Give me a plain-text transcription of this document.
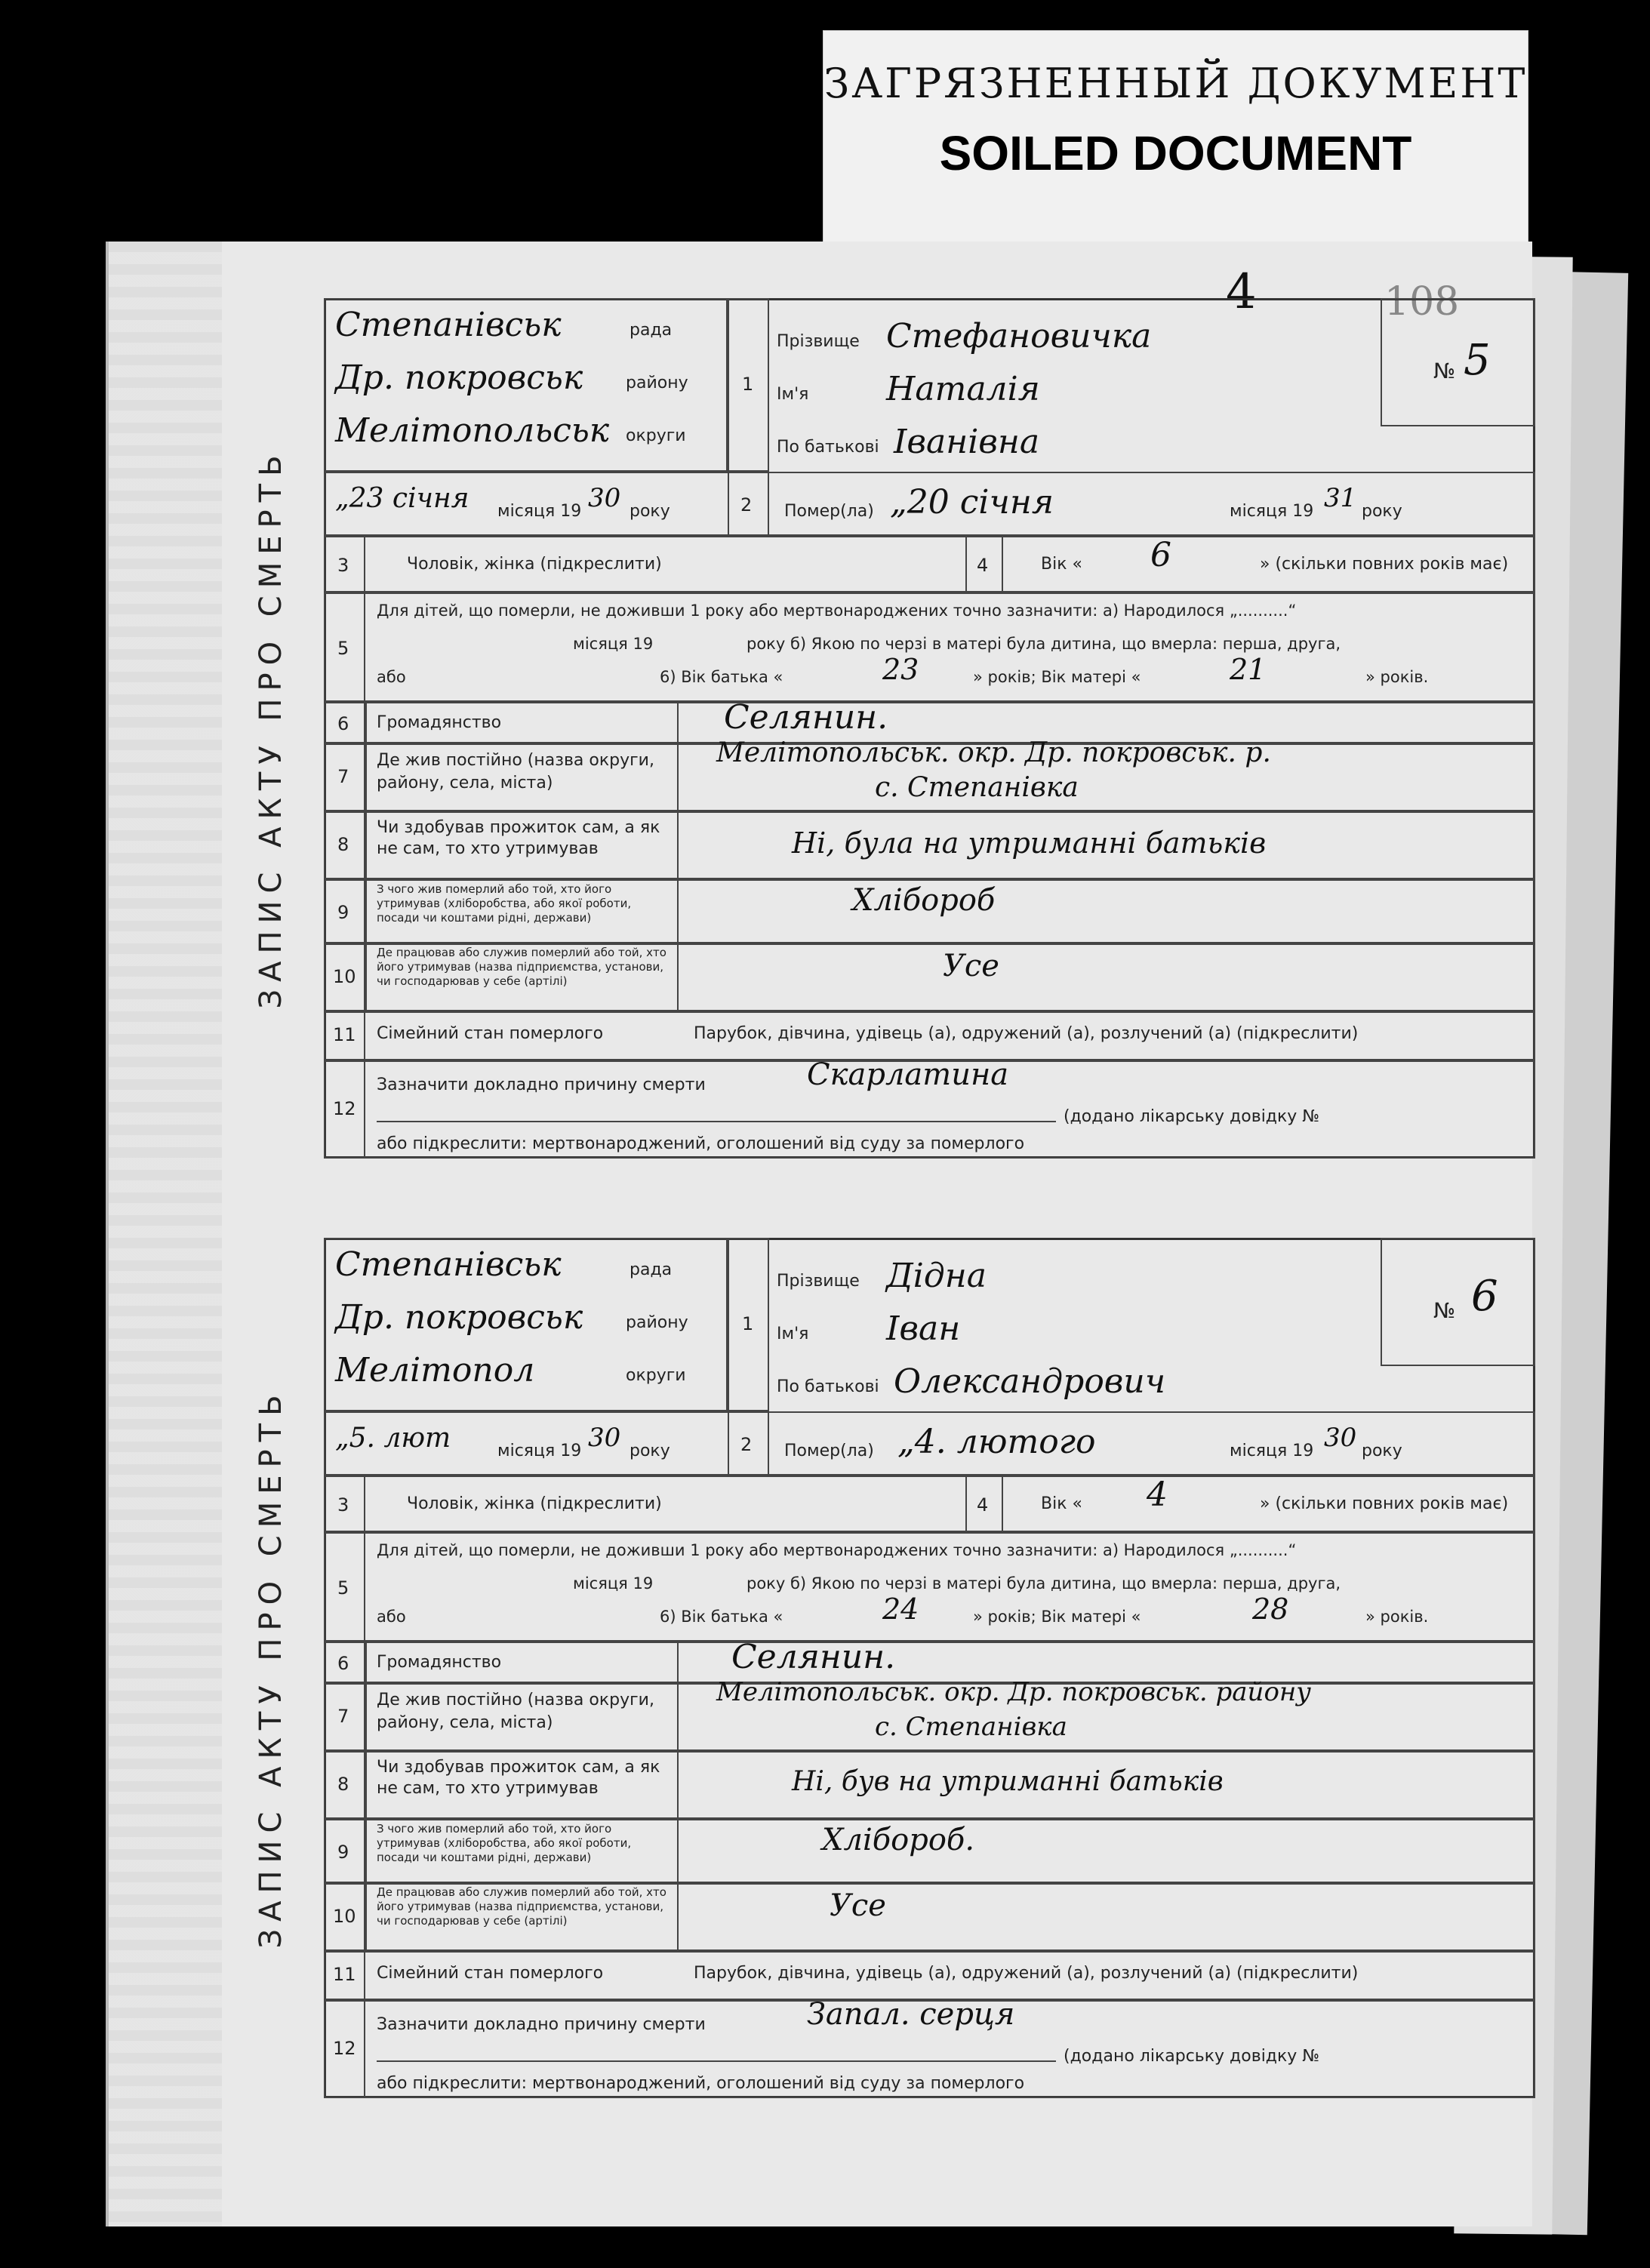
ЗАГРЯЗНЕННЫЙ ДОКУМЕНТ
SOILED DOCUMENT
4	108
ЗАПИС АКТУ ПРО СМЕРТЬ
Степанівськ	рада
Др. покровськ	району
Мелітопольськ округи
1
Прізвище Стефановичка
Ім'я Наталія
По батькові Іванівна
№ 5
„23 січня місяця 19 30 року	2 Помер(ла) „20 січня	місяця 19 31 року
3	Чоловік, жінка (підкреслити)	4	Вік « 6	» (скільки повних років має)
5
Для дітей, що померли, не доживши 1 року або мертвонароджених точно зазначити: а) Народилося „..........“
місяця 19	року б) Якою по черзі в матері була дитина, що вмерла: перша, друга,
або	6) Вік батька «	23	» років; Вік матері «	21	» років.
6 Громадянство	Селянин.
7
Де жив постійно (назва округи, району, села, міста)
Мелітопольськ. окр. Др. покровськ. р.
с. Степанівка
8
Чи здобував прожиток сам, а як не сам, то хто утримував	Ні, була на утриманні батьків
9
З чого жив померлий або той, хто його утримував (хліборобства, або якої роботи, посади чи коштами рідні, держави)	Хлібороб
10
Де працював або служив померлий або той, хто його утримував (назва підприємства, установи, чи господарював у себе (артілі)	Усе
11 Сімейний стан померлого	Парубок, дівчина, удівець (а), одружений (а), розлучений (а) (підкреслити)
12
Зазначити докладно причину смерти	Скарлатина
(додано лікарську довідку №
або підкреслити: мертвонароджений, оголошений від суду за померлого
ЗАПИС АКТУ ПРО СМЕРТЬ
Степанівськ	рада
Др. покровськ	району
Мелітопол	округи
1
Прізвище Дідна
Ім'я Іван
По батькові Олександрович
№ 6
„5. лют	місяця 19 30 року	2 Помер(ла) „4. лютого	місяця 19 30 року
3	Чоловік, жінка (підкреслити)	4	Вік « 4	» (скільки повних років має)
5
Для дітей, що померли, не доживши 1 року або мертвонароджених точно зазначити: а) Народилося „..........“
місяця 19	року б) Якою по черзі в матері була дитина, що вмерла: перша, друга,
або	6) Вік батька «	24	» років; Вік матері «	28	» років.
6 Громадянство	Селянин.
7
Де жив постійно (назва округи, району, села, міста)
Мелітопольськ. окр. Др. покровськ. району
с. Степанівка
8
Чи здобував прожиток сам, а як не сам, то хто утримував	Ні, був на утриманні батьків
9
З чого жив померлий або той, хто його утримував (хліборобства, або якої роботи, посади чи коштами рідні, держави)	Хлібороб.
10
Де працював або служив померлий або той, хто його утримував (назва підприємства, установи, чи господарював у себе (артілі)	Усе
11 Сімейний стан померлого	Парубок, дівчина, удівець (а), одружений (а), розлучений (а) (підкреслити)
12
Зазначити докладно причину смерти	Запал. серця
(додано лікарську довідку №
або підкреслити: мертвонароджений, оголошений від суду за померлого
